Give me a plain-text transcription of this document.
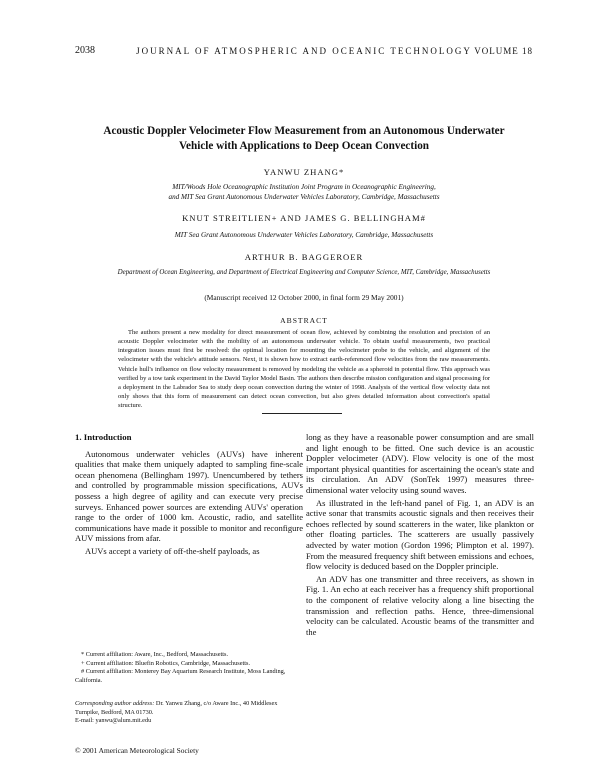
2038	JOURNAL OF ATMOSPHERIC AND OCEANIC TECHNOLOGY VOLUME 18
Acoustic Doppler Velocimeter Flow Measurement from an Autonomous Underwater
Vehicle with Applications to Deep Ocean Convection
YANWU ZHANG*
MIT/Woods Hole Oceanographic Institution Joint Program in Oceanographic Engineering,
and MIT Sea Grant Autonomous Underwater Vehicles Laboratory, Cambridge, Massachusetts
KNUT STREITLIEN+ AND JAMES G. BELLINGHAM#
MIT Sea Grant Autonomous Underwater Vehicles Laboratory, Cambridge, Massachusetts
ARTHUR B. BAGGEROER
Department of Ocean Engineering, and Department of Electrical Engineering and Computer Science, MIT, Cambridge, Massachusetts
(Manuscript received 12 October 2000, in final form 29 May 2001)
ABSTRACT
The authors present a new modality for direct measurement of ocean flow, achieved by combining the resolution and precision of an acoustic Doppler velocimeter with the mobility of an autonomous underwater vehicle. To obtain useful measurements, two practical integration issues must first be resolved: the optimal location for mounting the velocimeter probe to the vehicle, and alignment of the velocimeter with the vehicle's attitude sensors. Next, it is shown how to extract earth-referenced flow velocities from the raw measurements. Vehicle hull's influence on flow velocity measurement is removed by modeling the vehicle as a spheroid in potential flow. This approach was verified by a tow tank experiment in the David Taylor Model Basin. The authors then describe mission configuration and signal processing for a deployment in the Labrador Sea to study deep ocean convection during the winter of 1998. Analysis of the vertical flow velocity data not only shows that this form of measurement can detect ocean convection, but also gives detailed information about convection's spatial structure.
1. Introduction

Autonomous underwater vehicles (AUVs) have inherent qualities that make them uniquely adapted to sampling fine-scale ocean phenomena (Bellingham 1997). Unencumbered by tethers and controlled by programmable mission specifications, AUVs possess a high degree of agility and can execute very precise surveys. Enhanced power sources are extending AUVs' operation range to the order of 1000 km. Acoustic, radio, and satellite communications have made it possible to monitor and reconfigure AUV missions from afar.

AUVs accept a variety of off-the-shelf payloads, as

long as they have a reasonable power consumption and are small and light enough to be fitted. One such device is an acoustic Doppler velocimeter (ADV). Flow velocity is one of the most important physical quantities for ascertaining the ocean's state and its circulation. An ADV (SonTek 1997) measures three-dimensional water velocity using sound waves.

As illustrated in the left-hand panel of Fig. 1, an ADV is an active sonar that transmits acoustic signals and then receives their echoes reflected by sound scatterers in the water, like plankton or other floating particles. The scatterers are usually passively advected by water motion (Gordon 1996; Plimpton et al. 1997). From the measured frequency shift between emissions and echoes, flow velocity is deduced based on the Doppler principle.

An ADV has one transmitter and three receivers, as shown in Fig. 1. An echo at each receiver has a frequency shift proportional to the component of relative velocity along a line bisecting the transmission and reflection paths. Hence, three-dimensional velocity can be calculated. Acoustic beams of the transmitter and the

* Current affiliation: Aware, Inc., Bedford, Massachusetts.

+ Current affiliation: Bluefin Robotics, Cambridge, Massachusetts.

# Current affiliation: Monterey Bay Aquarium Research Institute, Moss Landing, California.

Corresponding author address: Dr. Yanwu Zhang, c/o Aware Inc., 40 Middlesex Turnpike, Bedford, MA 01730.

E-mail: yanwu@alum.mit.edu

© 2001 American Meteorological Society
